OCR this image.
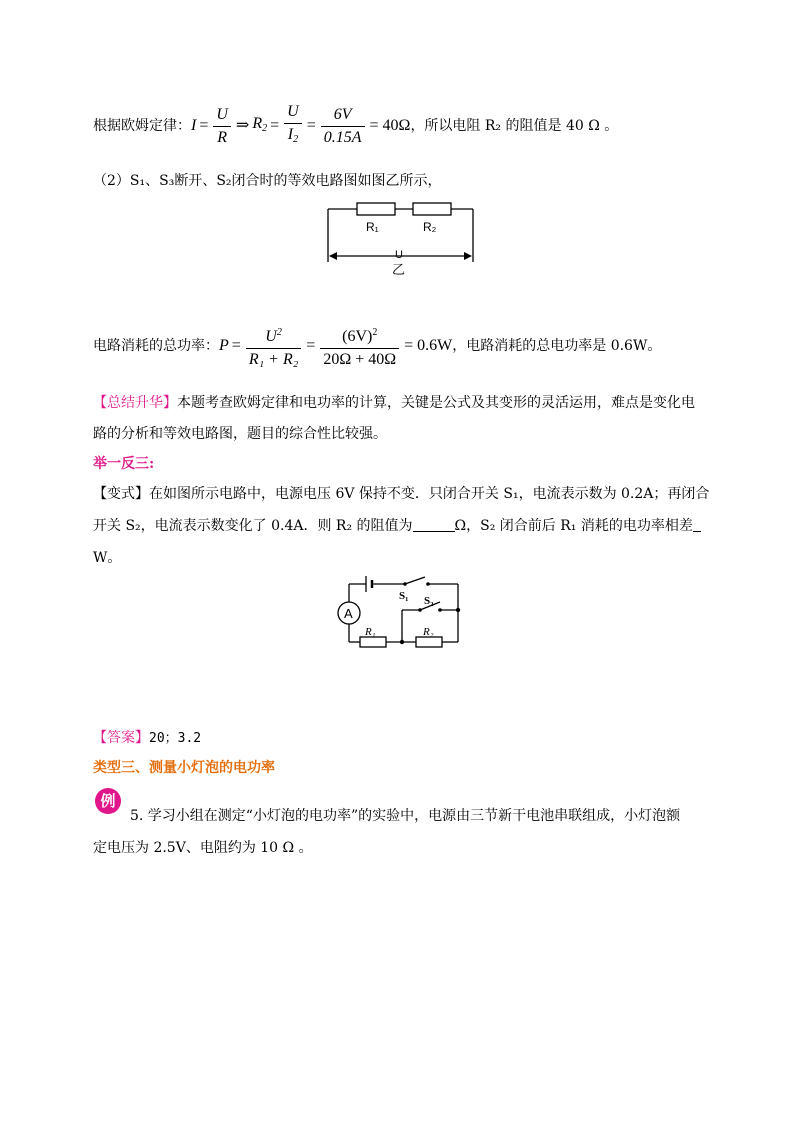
根据欧姆定律： $I = \frac{U}{R}$ ⇒ $R_2 = \frac{U}{I_2} = \frac{6V}{0.15A} = 40\Omega$ ，所以电阻 R₂ 的阻值是 40 Ω 。
（2）S₁、S₃断开、S₂闭合时的等效电路图如图乙所示，
R₁	R₂
U
乙
电路消耗的总功率： $P = \frac{U^2}{\text{R₁ + R₂}} = \frac{(6V)^2}{20\Omega + 40\Omega} = 0.6W$ ，电路消耗的总电功率是 0.6W。
【总结升华】本题考查欧姆定律和电功率的计算，关键是公式及其变形的灵活运用，难点是变化电
路的分析和等效电路图，题目的综合性比较强。
举一反三:
【变式】在如图所示电路中，电源电压 6V 保持不变．只闭合开关 S₁，电流表示数为 0.2A；再闭合
开关 S₂，电流表示数变化了 0.4A．则 R₂ 的阻值为	Ω，S₂ 闭合前后 R₁ 消耗的电功率相差
W。
A
S₁ S₂
R₁	R₂
【答案】20；3.2
类型三、测量小灯泡的电功率
例
5. 学习小组在测定“小灯泡的电功率”的实验中，电源由三节新干电池串联组成，小灯泡额
定电压为 2.5V、电阻约为 10 Ω 。
